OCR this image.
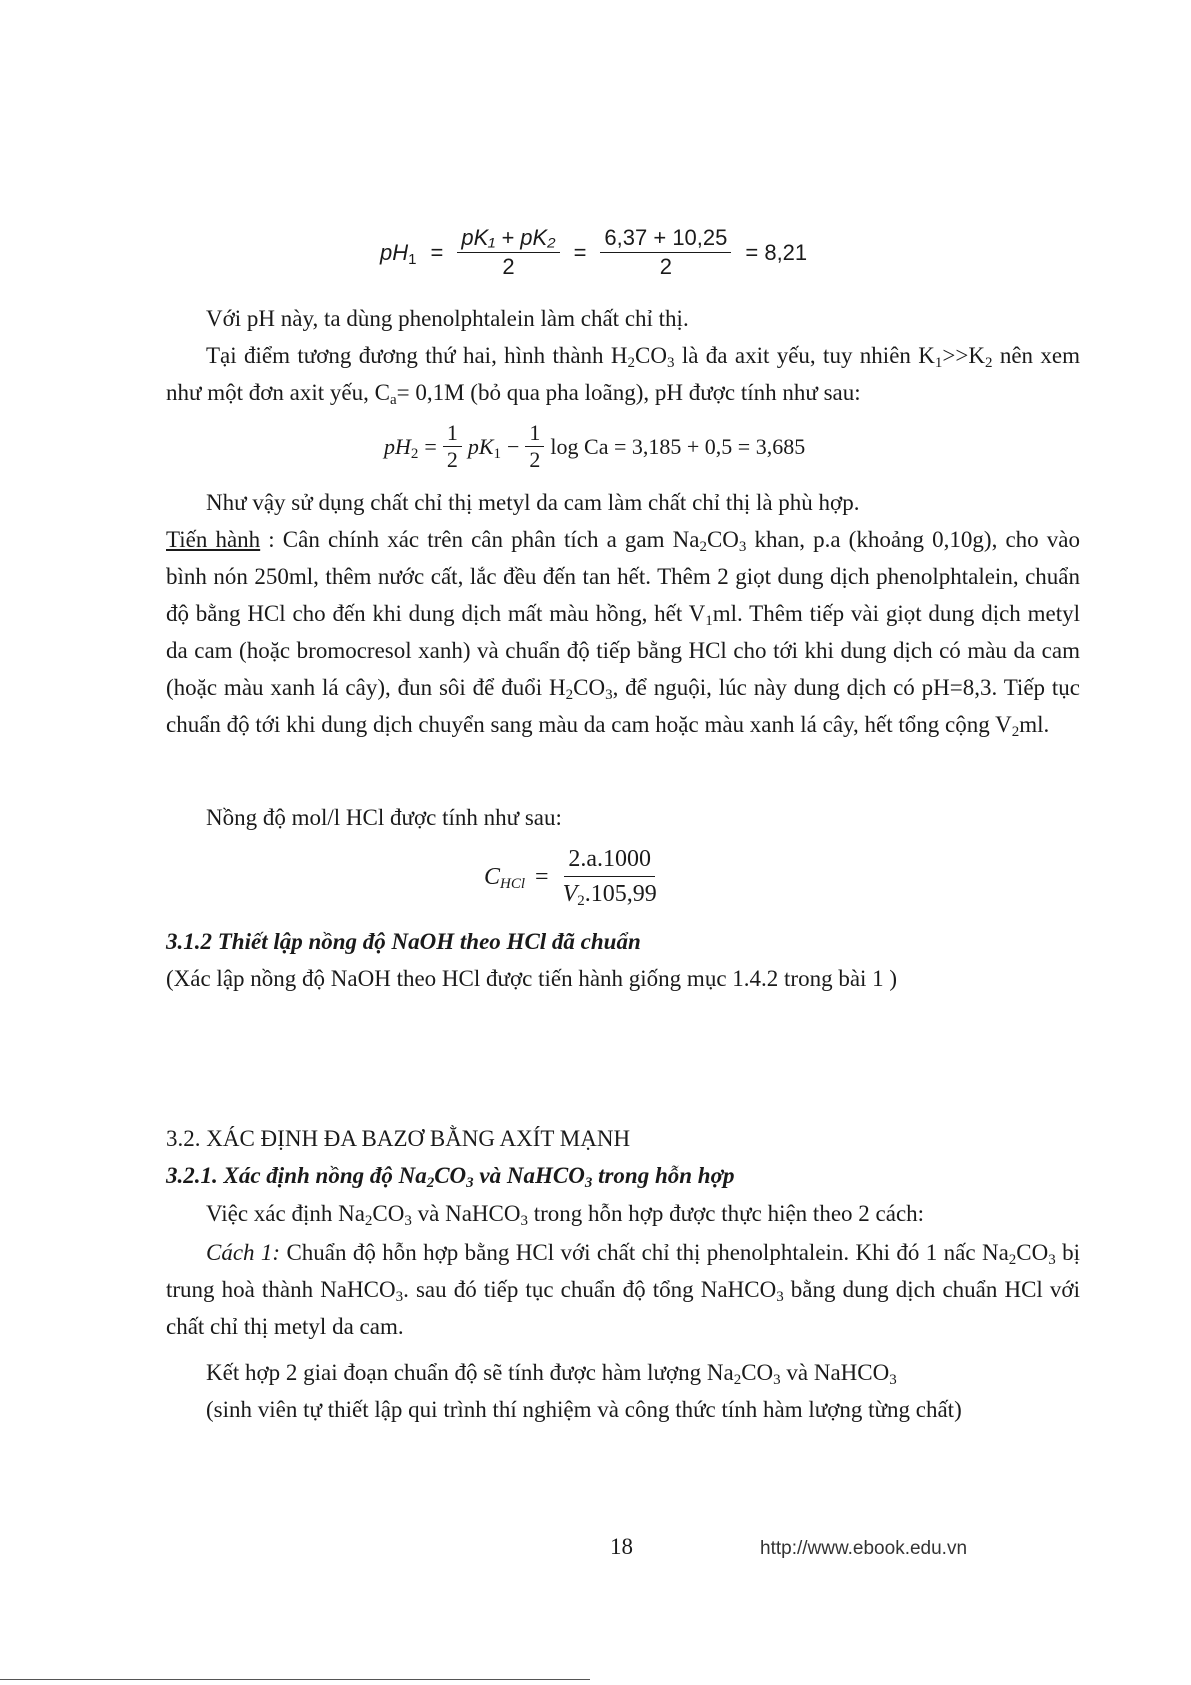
$pH_1 = \frac{\text{pK₁ + pK₂}}{2} = \frac{6,37 + 10,25}{2} = 8,21$
Với pH này, ta dùng phenolphtalein làm chất chỉ thị.
Tại điểm tương đương thứ hai, hình thành $H_2CO_3$ là đa axit yếu, tuy nhiên $K_1>>K_2$ nên xem như một đơn axit yếu, $C_a= 0,1M$ (bỏ qua pha loãng), pH được tính như sau:
$pH_2 = \frac{1}{2} pK_1 - \frac{1}{2}$ log Ca = 3,185 + 0,5 = 3,685
Như vậy sử dụng chất chỉ thị metyl da cam làm chất chỉ thị là phù hợp.
Tiến hành : Cân chính xác trên cân phân tích a gam $Na_2CO_3$ khan, p.a (khoảng 0,10g), cho vào bình nón 250ml, thêm nước cất, lắc đều đến tan hết. Thêm 2 giọt dung dịch phenolphtalein, chuẩn độ bằng HCl cho đến khi dung dịch mất màu hồng, hết $V_1ml$. Thêm tiếp vài giọt dung dịch metyl da cam (hoặc bromocresol xanh) và chuẩn độ tiếp bằng HCl cho tới khi dung dịch có màu da cam (hoặc màu xanh lá cây), đun sôi để đuổi $H_2CO_3$, để nguội, lúc này dung dịch có pH=8,3. Tiếp tục chuẩn độ tới khi dung dịch chuyển sang màu da cam hoặc màu xanh lá cây, hết tổng cộng $V_2ml$.
Nồng độ mol/l HCl được tính như sau:
$C_{HCl} = \frac{2.a.1000}{V_2.105,99}$
3.1.2 Thiết lập nồng độ NaOH theo HCl đã chuẩn
(Xác lập nồng độ NaOH theo HCl được tiến hành giống mục 1.4.2 trong bài 1 )
3.2. XÁC ĐỊNH ĐA BAZƠ BẰNG AXÍT MẠNH
3.2.1. Xác định nồng độ $Na_2CO_3$ và NaHCO$_3$ trong hỗn hợp
Việc xác định $Na_2CO_3$ và NaHCO$_3$ trong hỗn hợp được thực hiện theo 2 cách:
Cách 1: Chuẩn độ hỗn hợp bằng HCl với chất chỉ thị phenolphtalein. Khi đó 1 nấc $Na_2CO_3$ bị trung hoà thành NaHCO$_3$. sau đó tiếp tục chuẩn độ tổng NaHCO$_3$ bằng dung dịch chuẩn HCl với chất chỉ thị metyl da cam.
Kết hợp 2 giai đoạn chuẩn độ sẽ tính được hàm lượng $Na_2CO_3$ và NaHCO$_3$
(sinh viên tự thiết lập qui trình thí nghiệm và công thức tính hàm lượng từng chất)
18	http://www.ebook.edu.vn
